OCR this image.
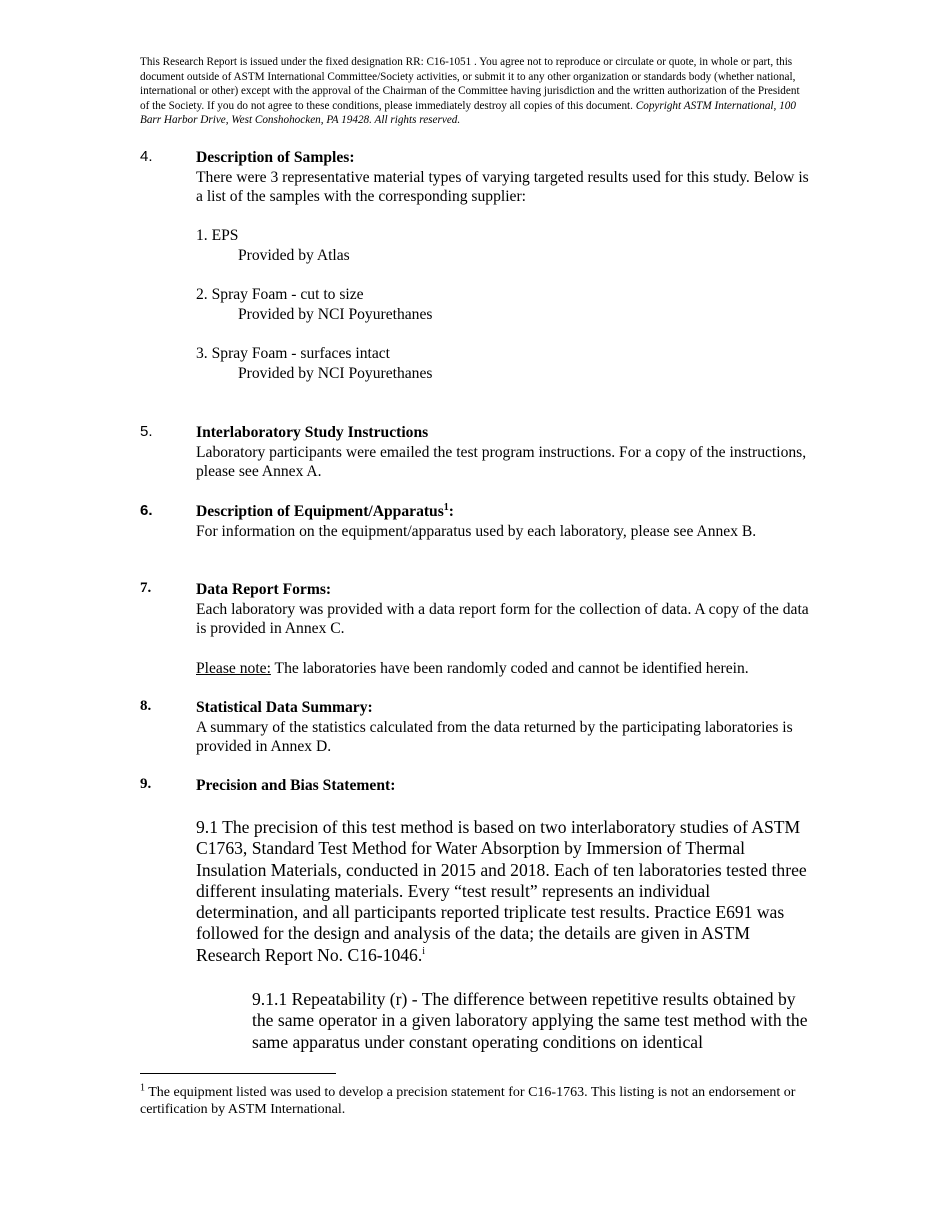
This Research Report is issued under the fixed designation RR: C16-1051 . You agree not to reproduce or circulate or quote, in whole or part, this document outside of ASTM International Committee/Society activities, or submit it to any other organization or standards body (whether national, international or other) except with the approval of the Chairman of the Committee having jurisdiction and the written authorization of the President of the Society. If you do not agree to these conditions, please immediately destroy all copies of this document. Copyright ASTM International, 100 Barr Harbor Drive, West Conshohocken, PA 19428. All rights reserved.
4.	Description of Samples:
There were 3 representative material types of varying targeted results used for this study. Below is a list of the samples with the corresponding supplier:
1. EPS
Provided by Atlas
2. Spray Foam - cut to size
Provided by NCI Poyurethanes
3. Spray Foam - surfaces intact
Provided by NCI Poyurethanes
5.	Interlaboratory Study Instructions
Laboratory participants were emailed the test program instructions. For a copy of the instructions, please see Annex A.
6.	Description of Equipment/Apparatus$^1$:
For information on the equipment/apparatus used by each laboratory, please see Annex B.
7.	Data Report Forms:
Each laboratory was provided with a data report form for the collection of data. A copy of the data is provided in Annex C.
Please note: The laboratories have been randomly coded and cannot be identified herein.
8.	Statistical Data Summary:
A summary of the statistics calculated from the data returned by the participating laboratories is provided in Annex D.
9.	Precision and Bias Statement:
9.1 The precision of this test method is based on two interlaboratory studies of ASTM C1763, Standard Test Method for Water Absorption by Immersion of Thermal Insulation Materials, conducted in 2015 and 2018. Each of ten laboratories tested three different insulating materials. Every “test result” represents an individual determination, and all participants reported triplicate test results. Practice E691 was followed for the design and analysis of the data; the details are given in ASTM Research Report No. C16-1046.$^i$
9.1.1 Repeatability (r) - The difference between repetitive results obtained by the same operator in a given laboratory applying the same test method with the same apparatus under constant operating conditions on identical
$^1$ The equipment listed was used to develop a precision statement for C16-1763. This listing is not an endorsement or certification by ASTM International.
